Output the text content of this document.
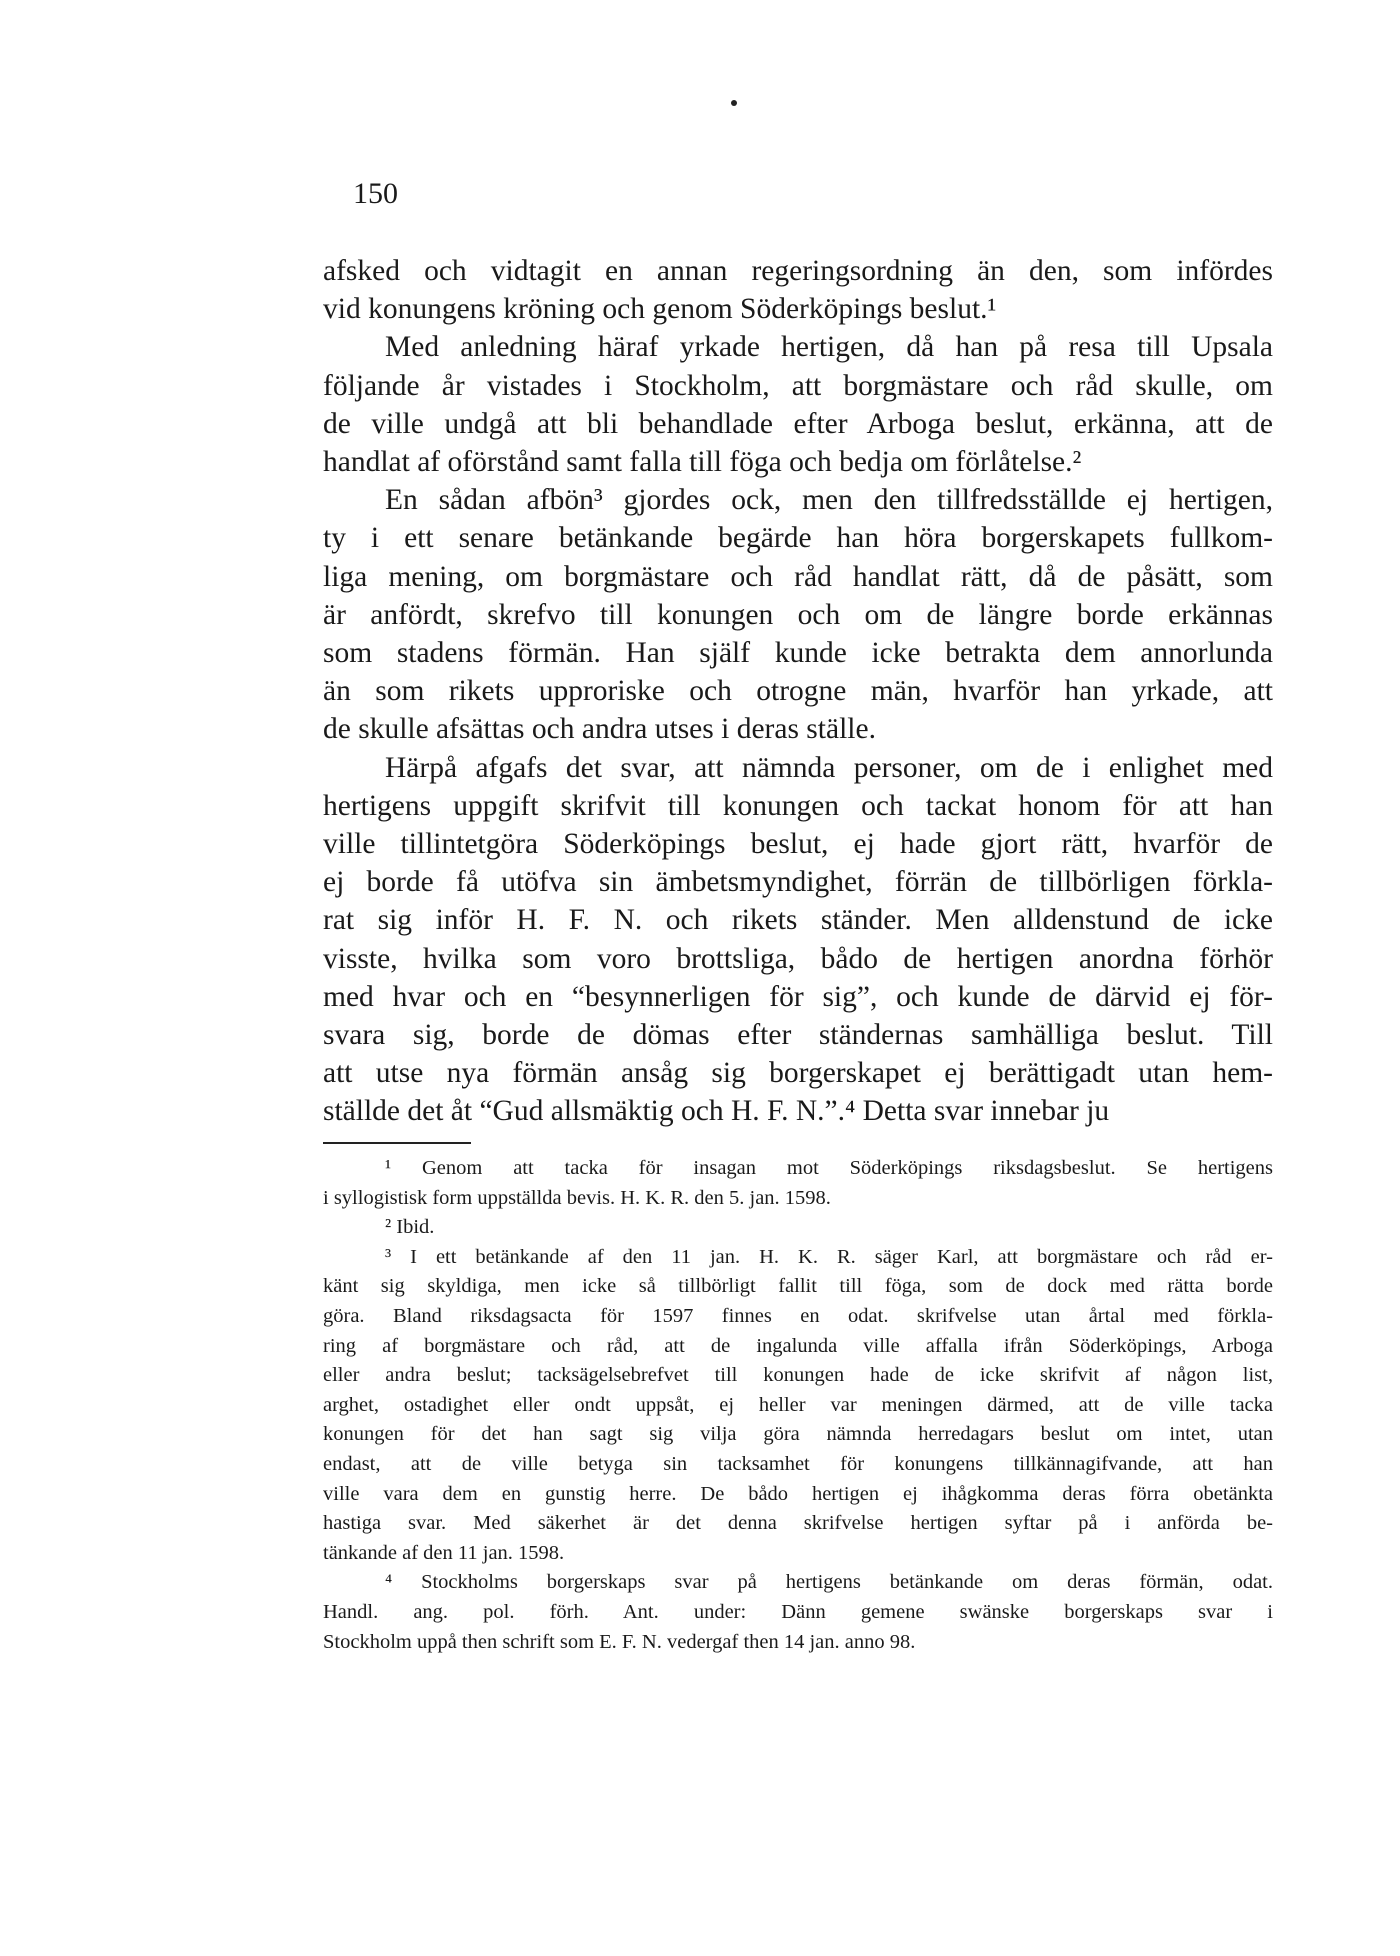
150

afsked och vidtagit en annan regeringsordning än den, som infördes
vid konungens kröning och genom Söderköpings beslut.¹

Med anledning häraf yrkade hertigen, då han på resa till Upsala
följande år vistades i Stockholm, att borgmästare och råd skulle, om
de ville undgå att bli behandlade efter Arboga beslut, erkänna, att de
handlat af oförstånd samt falla till föga och bedja om förlåtelse.²

En sådan afbön³ gjordes ock, men den tillfredsställde ej hertigen,
ty i ett senare betänkande begärde han höra borgerskapets fullkom-
liga mening, om borgmästare och råd handlat rätt, då de påsätt, som
är anfördt, skrefvo till konungen och om de längre borde erkännas
som stadens förmän. Han själf kunde icke betrakta dem annorlunda
än som rikets upproriske och otrogne män, hvarför han yrkade, att
de skulle afsättas och andra utses i deras ställe.

Härpå afgafs det svar, att nämnda personer, om de i enlighet med
hertigens uppgift skrifvit till konungen och tackat honom för att han
ville tillintetgöra Söderköpings beslut, ej hade gjort rätt, hvarför de
ej borde få utöfva sin ämbetsmyndighet, förrän de tillbörligen förkla-
rat sig inför H. F. N. och rikets ständer. Men alldenstund de icke
visste, hvilka som voro brottsliga, bådo de hertigen anordna förhör
med hvar och en “besynnerligen för sig”, och kunde de därvid ej för-
svara sig, borde de dömas efter ständernas samhälliga beslut. Till
att utse nya förmän ansåg sig borgerskapet ej berättigadt utan hem-
ställde det åt “Gud allsmäktig och H. F. N.”.⁴ Detta svar innebar ju

¹ Genom att tacka för insagan mot Söderköpings riksdagsbeslut. Se hertigens
i syllogistisk form uppställda bevis. H. K. R. den 5. jan. 1598.

² Ibid.

³ I ett betänkande af den 11 jan. H. K. R. säger Karl, att borgmästare och råd er-
känt sig skyldiga, men icke så tillbörligt fallit till föga, som de dock med rätta borde
göra. Bland riksdagsacta för 1597 finnes en odat. skrifvelse utan årtal med förkla-
ring af borgmästare och råd, att de ingalunda ville affalla ifrån Söderköpings, Arboga
eller andra beslut; tacksägelsebrefvet till konungen hade de icke skrifvit af någon list,
arghet, ostadighet eller ondt uppsåt, ej heller var meningen därmed, att de ville tacka
konungen för det han sagt sig vilja göra nämnda herredagars beslut om intet, utan
endast, att de ville betyga sin tacksamhet för konungens tillkännagifvande, att han
ville vara dem en gunstig herre. De bådo hertigen ej ihågkomma deras förra obetänkta
hastiga svar. Med säkerhet är det denna skrifvelse hertigen syftar på i anförda be-
tänkande af den 11 jan. 1598.

⁴ Stockholms borgerskaps svar på hertigens betänkande om deras förmän, odat.
Handl. ang. pol. förh. Ant. under: Dänn gemene swänske borgerskaps svar i
Stockholm uppå then schrift som E. F. N. vedergaf then 14 jan. anno 98.
